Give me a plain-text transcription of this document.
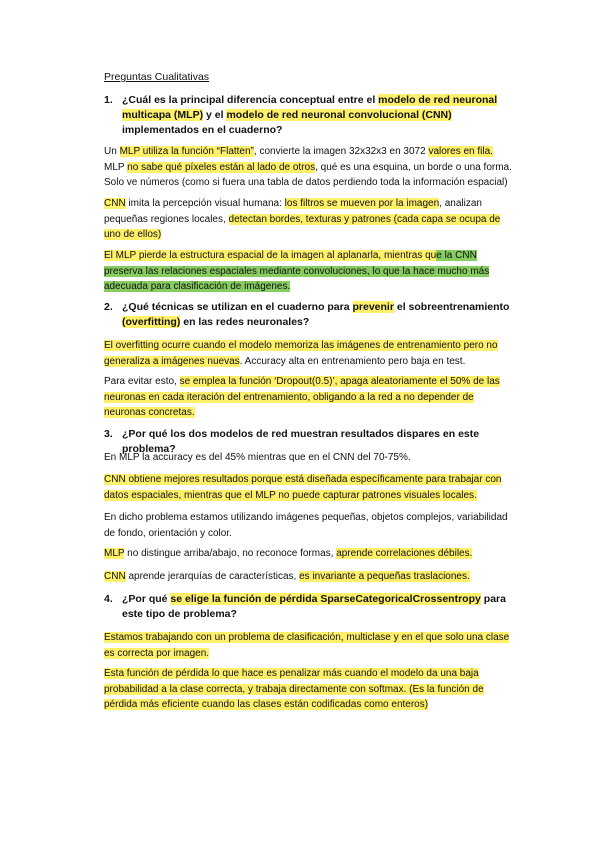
Preguntas Cualitativas
1. ¿Cuál es la principal diferencia conceptual entre el modelo de red neuronal multicapa (MLP) y el modelo de red neuronal convolucional (CNN) implementados en el cuaderno?
Un MLP utiliza la función “Flatten”, convierte la imagen 32x32x3 en 3072 valores en fila. MLP no sabe qué píxeles están al lado de otros, qué es una esquina, un borde o una forma. Solo ve números (como si fuera una tabla de datos perdiendo toda la información espacial)
CNN imita la percepción visual humana: los filtros se mueven por la imagen, analizan pequeñas regiones locales, detectan bordes, texturas y patrones (cada capa se ocupa de uno de ellos)
El MLP pierde la estructura espacial de la imagen al aplanarla, mientras que la CNN preserva las relaciones espaciales mediante convoluciones, lo que la hace mucho más adecuada para clasificación de imágenes.
2. ¿Qué técnicas se utilizan en el cuaderno para prevenir el sobreentrenamiento (overfitting) en las redes neuronales?
El overfitting ocurre cuando el modelo memoriza las imágenes de entrenamiento pero no generaliza a imágenes nuevas. Accuracy alta en entrenamiento pero baja en test.
Para evitar esto, se emplea la función ‘Dropout(0.5)’, apaga aleatoriamente el 50% de las neuronas en cada iteración del entrenamiento, obligando a la red a no depender de neuronas concretas.
3. ¿Por qué los dos modelos de red muestran resultados dispares en este problema?
En MLP la accuracy es del 45% mientras que en el CNN del 70-75%.
CNN obtiene mejores resultados porque está diseñada específicamente para trabajar con datos espaciales, mientras que el MLP no puede capturar patrones visuales locales.
En dicho problema estamos utilizando imágenes pequeñas, objetos complejos, variabilidad de fondo, orientación y color.
MLP no distingue arriba/abajo, no reconoce formas, aprende correlaciones débiles.
CNN aprende jerarquías de características, es invariante a pequeñas traslaciones.
4. ¿Por qué se elige la función de pérdida SparseCategoricalCrossentropy para este tipo de problema?
Estamos trabajando con un problema de clasificación, multiclase y en el que solo una clase es correcta por imagen.
Esta función de pérdida lo que hace es penalizar más cuando el modelo da una baja probabilidad a la clase correcta, y trabaja directamente con softmax. (Es la función de pérdida más eficiente cuando las clases están codificadas como enteros)
